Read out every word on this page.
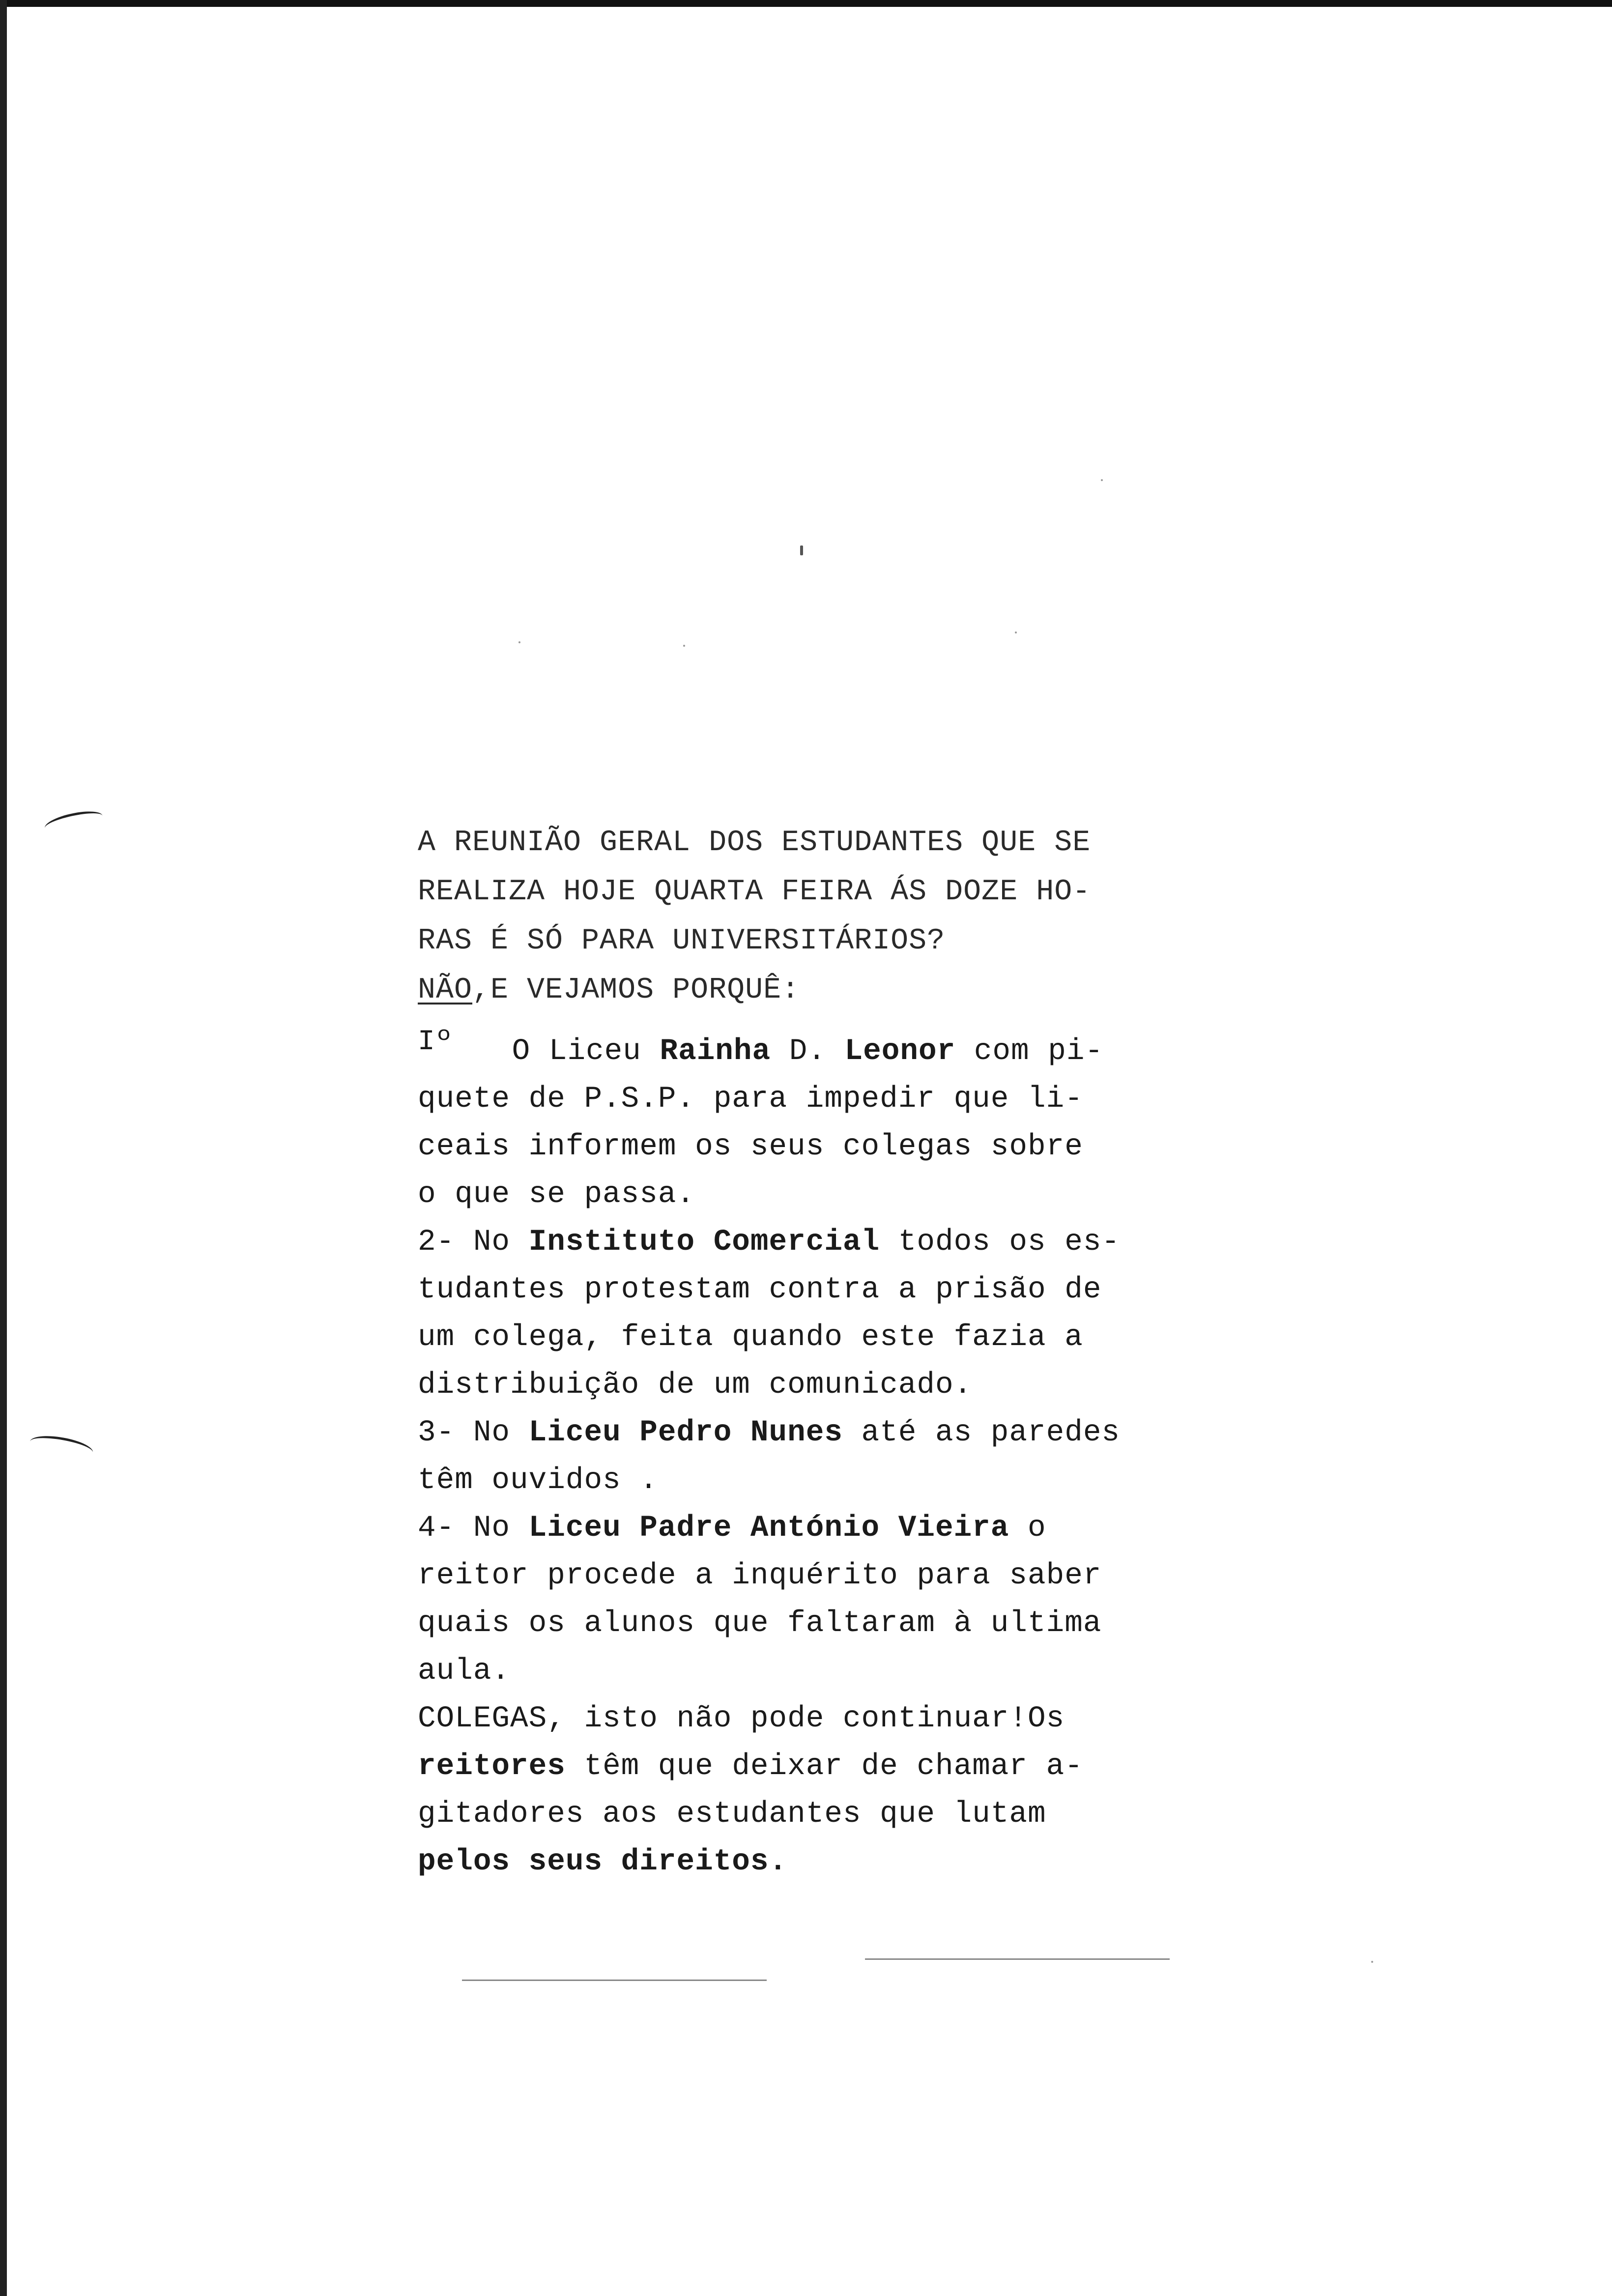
A REUNIÃO GERAL DOS ESTUDANTES QUE SE

REALIZA HOJE QUARTA FEIRA ÁS DOZE HO-

RAS É SÓ PARA UNIVERSITÁRIOS?

NÃO,E VEJAMOS PORQUÊ:

Iº O Liceu Rainha D. Leonor com pi-

quete de P.S.P. para impedir que li-

ceais informem os seus colegas sobre

o que se passa.

2- No Instituto Comercial todos os es-

tudantes protestam contra a prisão de

um colega, feita quando este fazia a

distribuição de um comunicado.

3- No Liceu Pedro Nunes até as paredes

têm ouvidos .

4- No Liceu Padre António Vieira o

reitor procede a inquérito para saber

quais os alunos que faltaram à ultima

aula.

COLEGAS, isto não pode continuar!Os

reitores têm que deixar de chamar a-

gitadores aos estudantes que lutam

pelos seus direitos.
